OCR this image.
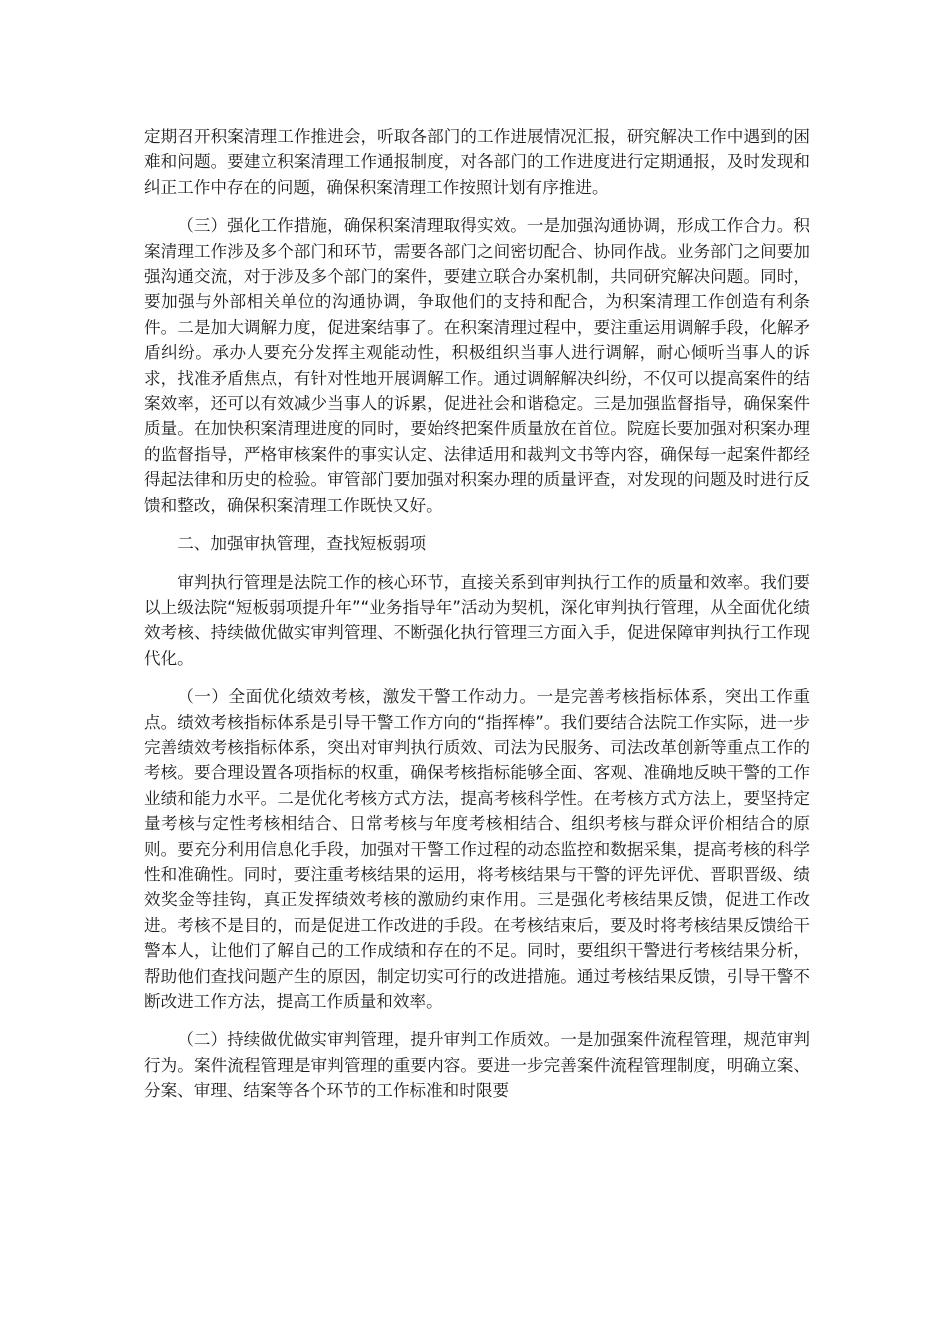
定期召开积案清理工作推进会，听取各部门的工作进展情况汇报，研究解决工作中遇到的困难和问题。要建立积案清理工作通报制度，对各部门的工作进度进行定期通报，及时发现和纠正工作中存在的问题，确保积案清理工作按照计划有序推进。

（三）强化工作措施，确保积案清理取得实效。一是加强沟通协调，形成工作合力。积案清理工作涉及多个部门和环节，需要各部门之间密切配合、协同作战。业务部门之间要加强沟通交流，对于涉及多个部门的案件，要建立联合办案机制，共同研究解决问题。同时，要加强与外部相关单位的沟通协调，争取他们的支持和配合，为积案清理工作创造有利条件。二是加大调解力度，促进案结事了。在积案清理过程中，要注重运用调解手段，化解矛盾纠纷。承办人要充分发挥主观能动性，积极组织当事人进行调解，耐心倾听当事人的诉求，找准矛盾焦点，有针对性地开展调解工作。通过调解解决纠纷，不仅可以提高案件的结案效率，还可以有效减少当事人的诉累，促进社会和谐稳定。三是加强监督指导，确保案件质量。在加快积案清理进度的同时，要始终把案件质量放在首位。院庭长要加强对积案办理的监督指导，严格审核案件的事实认定、法律适用和裁判文书等内容，确保每一起案件都经得起法律和历史的检验。审管部门要加强对积案办理的质量评查，对发现的问题及时进行反馈和整改，确保积案清理工作既快又好。

二、加强审执管理，查找短板弱项

审判执行管理是法院工作的核心环节，直接关系到审判执行工作的质量和效率。我们要以上级法院“短板弱项提升年”“业务指导年”活动为契机，深化审判执行管理，从全面优化绩效考核、持续做优做实审判管理、不断强化执行管理三方面入手，促进保障审判执行工作现代化。

（一）全面优化绩效考核，激发干警工作动力。一是完善考核指标体系，突出工作重点。绩效考核指标体系是引导干警工作方向的“指挥棒”。我们要结合法院工作实际，进一步完善绩效考核指标体系，突出对审判执行质效、司法为民服务、司法改革创新等重点工作的考核。要合理设置各项指标的权重，确保考核指标能够全面、客观、准确地反映干警的工作业绩和能力水平。二是优化考核方式方法，提高考核科学性。在考核方式方法上，要坚持定量考核与定性考核相结合、日常考核与年度考核相结合、组织考核与群众评价相结合的原则。要充分利用信息化手段，加强对干警工作过程的动态监控和数据采集，提高考核的科学性和准确性。同时，要注重考核结果的运用，将考核结果与干警的评先评优、晋职晋级、绩效奖金等挂钩，真正发挥绩效考核的激励约束作用。三是强化考核结果反馈，促进工作改进。考核不是目的，而是促进工作改进的手段。在考核结束后，要及时将考核结果反馈给干警本人，让他们了解自己的工作成绩和存在的不足。同时，要组织干警进行考核结果分析，帮助他们查找问题产生的原因，制定切实可行的改进措施。通过考核结果反馈，引导干警不断改进工作方法，提高工作质量和效率。

（二）持续做优做实审判管理，提升审判工作质效。一是加强案件流程管理，规范审判行为。案件流程管理是审判管理的重要内容。要进一步完善案件流程管理制度，明确立案、分案、审理、结案等各个环节的工作标准和时限要
